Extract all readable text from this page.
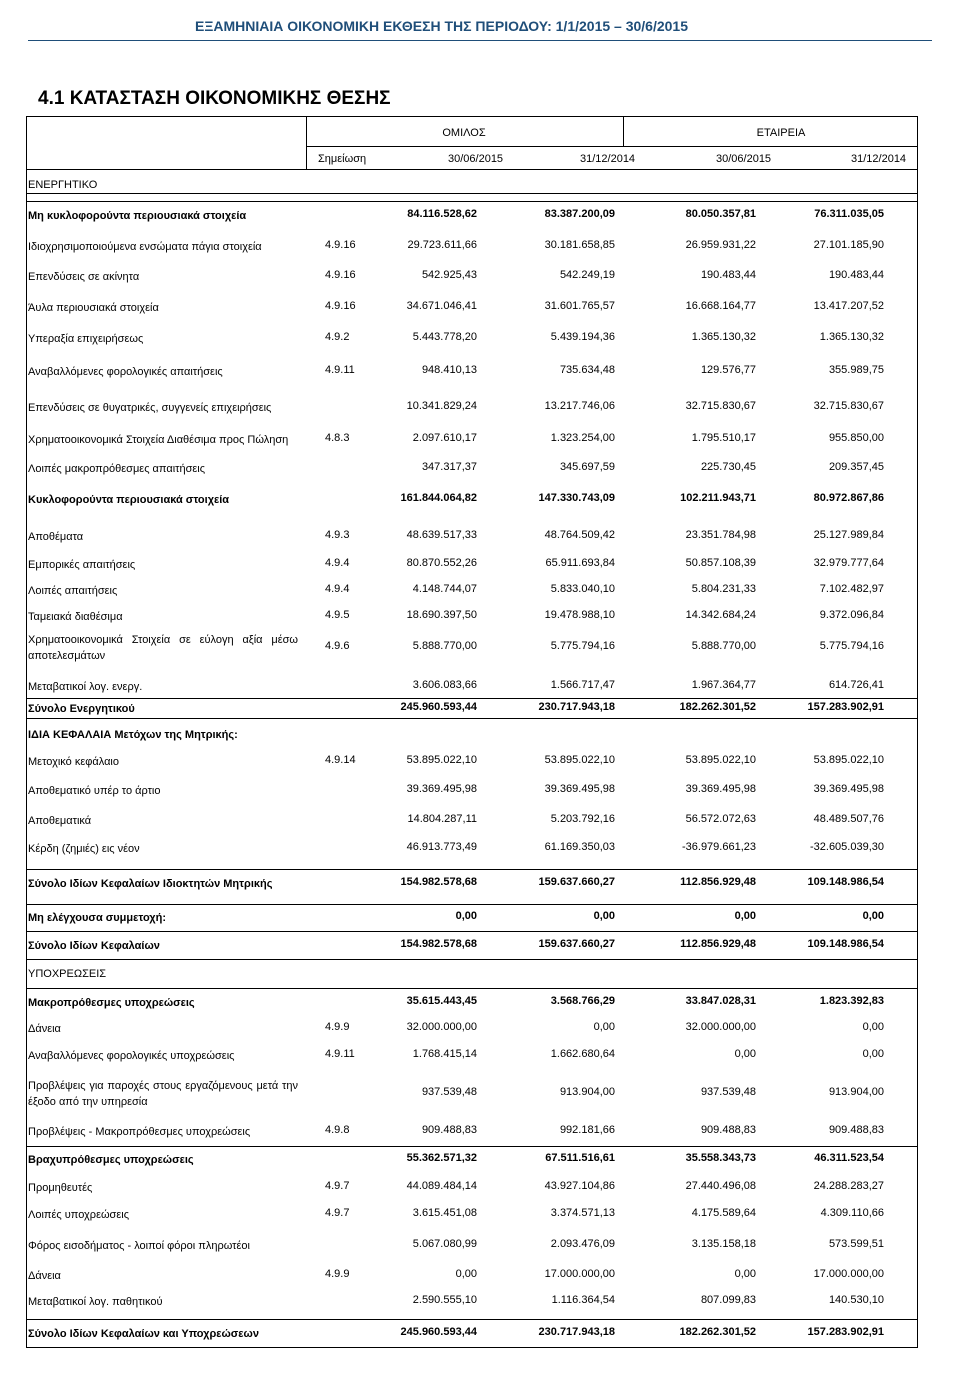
ΕΞΑΜΗΝΙΑΙΑ ΟΙΚΟΝΟΜΙΚΗ ΕΚΘΕΣΗ ΤΗΣ ΠΕΡΙΟΔΟΥ: 1/1/2015 – 30/6/2015
4.1 ΚΑΤΑΣΤΑΣΗ ΟΙΚΟΝΟΜΙΚΗΣ ΘΕΣΗΣ
ΟΜΙΛΟΣ	ΕΤΑΙΡΕΙΑ
Σημείωση	30/06/2015	31/12/2014	30/06/2015	31/12/2014
ΕΝΕΡΓΗΤΙΚΟ
Μη κυκλοφορούντα περιουσιακά στοιχεία	84.116.528,62	83.387.200,09	80.050.357,81	76.311.035,05
Ιδιοχρησιμοποιούμενα ενσώματα πάγια στοιχεία	4.9.16	29.723.611,66	30.181.658,85	26.959.931,22	27.101.185,90
Επενδύσεις σε ακίνητα	4.9.16	542.925,43	542.249,19	190.483,44	190.483,44
Άυλα περιουσιακά στοιχεία	4.9.16	34.671.046,41	31.601.765,57	16.668.164,77	13.417.207,52
Υπεραξία επιχειρήσεως	4.9.2	5.443.778,20	5.439.194,36	1.365.130,32	1.365.130,32
Αναβαλλόμενες φορολογικές απαιτήσεις	4.9.11	948.410,13	735.634,48	129.576,77	355.989,75
Επενδύσεις σε θυγατρικές, συγγενείς επιχειρήσεις	10.341.829,24	13.217.746,06	32.715.830,67	32.715.830,67
Χρηματοοικονομικά Στοιχεία Διαθέσιμα προς Πώληση	4.8.3	2.097.610,17	1.323.254,00	1.795.510,17	955.850,00
Λοιπές μακροπρόθεσμες απαιτήσεις	347.317,37	345.697,59	225.730,45	209.357,45
Κυκλοφορούντα περιουσιακά στοιχεία	161.844.064,82	147.330.743,09	102.211.943,71	80.972.867,86
Αποθέματα	4.9.3	48.639.517,33	48.764.509,42	23.351.784,98	25.127.989,84
Εμπορικές απαιτήσεις	4.9.4	80.870.552,26	65.911.693,84	50.857.108,39	32.979.777,64
Λοιπές απαιτήσεις	4.9.4	4.148.744,07	5.833.040,10	5.804.231,33	7.102.482,97
Ταμειακά διαθέσιμα	4.9.5	18.690.397,50	19.478.988,10	14.342.684,24	9.372.096,84
Χρηματοοικονομικά Στοιχεία σε εύλογη αξία μέσω αποτελεσμάτων
4.9.6	5.888.770,00	5.775.794,16	5.888.770,00	5.775.794,16
Μεταβατικοί λογ. ενεργ.	3.606.083,66	1.566.717,47	1.967.364,77	614.726,41
Σύνολο Ενεργητικού	245.960.593,44	230.717.943,18	182.262.301,52	157.283.902,91
ΙΔΙΑ ΚΕΦΑΛΑΙΑ Μετόχων της Μητρικής:
Μετοχικό κεφάλαιο	4.9.14	53.895.022,10	53.895.022,10	53.895.022,10	53.895.022,10
Αποθεματικό υπέρ το άρτιο	39.369.495,98	39.369.495,98	39.369.495,98	39.369.495,98
Αποθεματικά	14.804.287,11	5.203.792,16	56.572.072,63	48.489.507,76
Κέρδη (ζημιές) εις νέον	46.913.773,49	61.169.350,03	-36.979.661,23	-32.605.039,30
Σύνολο Ιδίων Κεφαλαίων Ιδιοκτητών Μητρικής	154.982.578,68	159.637.660,27	112.856.929,48	109.148.986,54
Μη ελέγχουσα συμμετοχή:	0,00	0,00	0,00	0,00
Σύνολο Ιδίων Κεφαλαίων	154.982.578,68	159.637.660,27	112.856.929,48	109.148.986,54
ΥΠΟΧΡΕΩΣΕΙΣ
Μακροπρόθεσμες υποχρεώσεις	35.615.443,45	3.568.766,29	33.847.028,31	1.823.392,83
Δάνεια	4.9.9	32.000.000,00	0,00	32.000.000,00	0,00
Αναβαλλόμενες φορολογικές υποχρεώσεις	4.9.11	1.768.415,14	1.662.680,64	0,00	0,00
Προβλέψεις για παροχές στους εργαζόμενους μετά την έξοδο από την υπηρεσία
937.539,48	913.904,00	937.539,48	913.904,00
Προβλέψεις - Μακροπρόθεσμες υποχρεώσεις	4.9.8	909.488,83	992.181,66	909.488,83	909.488,83
Βραχυπρόθεσμες υποχρεώσεις	55.362.571,32	67.511.516,61	35.558.343,73	46.311.523,54
Προμηθευτές	4.9.7	44.089.484,14	43.927.104,86	27.440.496,08	24.288.283,27
Λοιπές υποχρεώσεις	4.9.7	3.615.451,08	3.374.571,13	4.175.589,64	4.309.110,66
Φόρος εισοδήματος - λοιποί φόροι πληρωτέοι	5.067.080,99	2.093.476,09	3.135.158,18	573.599,51
Δάνεια	4.9.9	0,00	17.000.000,00	0,00	17.000.000,00
Μεταβατικοί λογ. παθητικού	2.590.555,10	1.116.364,54	807.099,83	140.530,10
Σύνολο Ιδίων Κεφαλαίων και Υποχρεώσεων	245.960.593,44	230.717.943,18	182.262.301,52	157.283.902,91
